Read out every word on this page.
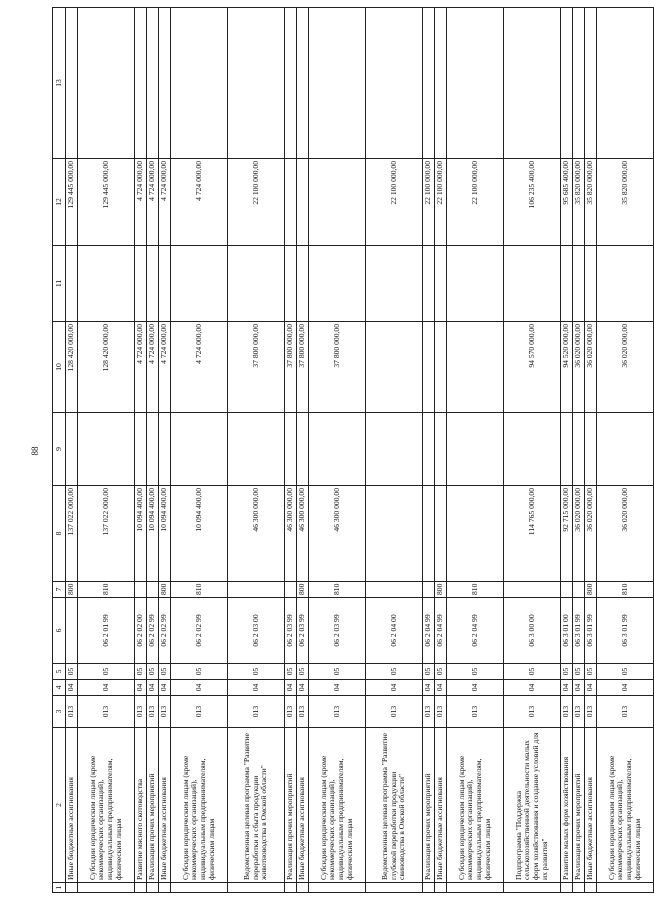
88
1	2	3	4	5	6	7	8	9	10	11	12	13
	Иные бюджетные ассигнования	013	04	05		800	137 022 000,00		128 420 000,00		129 445 000,00	
	Субсидии юридическим лицам (кроме некоммерческих организаций), индивидуальным предпринимателям, физическим лицам	013	04	05	06 2 01 99	810	137 022 000,00		128 420 000,00		129 445 000,00	
	Развитие мясного скотоводства	013	04	05	06 2 02 00		10 094 400,00		4 724 000,00		4 724 000,00	
	Реализация прочих мероприятий	013	04	05	06 2 02 99		10 094 400,00		4 724 000,00		4 724 000,00	
	Иные бюджетные ассигнования	013	04	05	06 2 02 99	800	10 094 400,00		4 724 000,00		4 724 000,00	
	Субсидии юридическим лицам (кроме некоммерческих организаций), индивидуальным предпринимателям, физическим лицам	013	04	05	06 2 02 99	810	10 094 400,00		4 724 000,00		4 724 000,00	
	Ведомственная целевая программа "Развитие переработки и сбыта продукции животноводства в Омской области"	013	04	05	06 2 03 00		46 300 000,00		37 800 000,00		22 100 000,00	
	Реализация прочих мероприятий	013	04	05	06 2 03 99		46 300 000,00		37 800 000,00			
	Иные бюджетные ассигнования	013	04	05	06 2 03 99	800	46 300 000,00		37 800 000,00			
	Субсидии юридическим лицам (кроме некоммерческих организаций), индивидуальным предпринимателям, физическим лицам	013	04	05	06 2 03 99	810	46 300 000,00		37 800 000,00			
	Ведомственная целевая программа "Развитие глубокой переработки продукции свиноводства в Омской области"	013	04	05	06 2 04 00						22 100 000,00	
	Реализация прочих мероприятий	013	04	05	06 2 04 99						22 100 000,00	
	Иные бюджетные ассигнования	013	04	05	06 2 04 99	800					22 100 000,00	
	Субсидии юридическим лицам (кроме некоммерческих организаций), индивидуальным предпринимателям, физическим лицам	013	04	05	06 2 04 99	810					22 100 000,00	
	Подпрограмма "Поддержка сельскохозяйственной деятельности малых форм хозяйствования и создание условий для их развития"	013	04	05	06 3 00 00		114 765 000,00		94 570 000,00		106 235 400,00	
	Развитие малых форм хозяйствования	013	04	05	06 3 01 00		92 715 000,00		94 520 000,00		95 685 400,00	
	Реализация прочих мероприятий	013	04	05	06 3 01 99		36 020 000,00		36 020 000,00		35 820 000,00	
	Иные бюджетные ассигнования	013	04	05	06 3 01 99	800	36 020 000,00		36 020 000,00		35 820 000,00	
	Субсидии юридическим лицам (кроме некоммерческих организаций), индивидуальным предпринимателям, физическим лицам	013	04	05	06 3 01 99	810	36 020 000,00		36 020 000,00		35 820 000,00	
